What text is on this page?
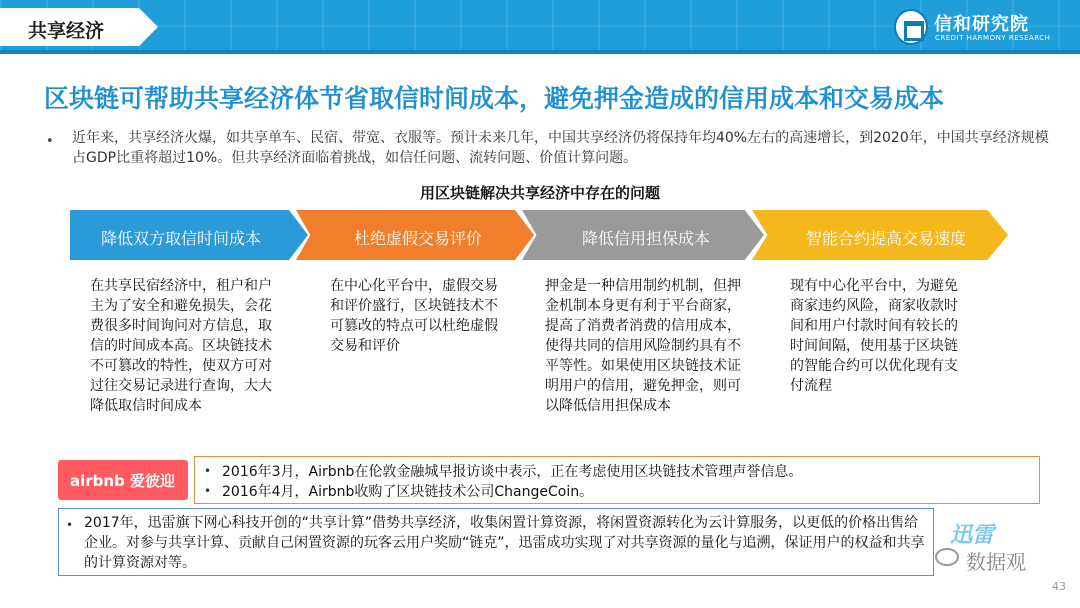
共享经济	信和研究院
CREDIT HARMONY RESEARCH
区块链可帮助共享经济体节省取信时间成本，避免押金造成的信用成本和交易成本
• 近年来，共享经济火爆，如共享单车、民宿、带宽、衣服等。预计未来几年，中国共享经济仍将保持年均40%左右的高速增长，到2020年，中国共享经济规模占GDP比重将超过10%。但共享经济面临着挑战，如信任问题、流转问题、价值计算问题。
用区块链解决共享经济中存在的问题
降低双方取信时间成本	杜绝虚假交易评价	降低信用担保成本	智能合约提高交易速度
在共享民宿经济中，租户和户主为了安全和避免损失，会花费很多时间询问对方信息，取信的时间成本高。区块链技术不可篡改的特性，使双方可对过往交易记录进行查询，大大降低取信时间成本
在中心化平台中，虚假交易和评价盛行，区块链技术不可篡改的特点可以杜绝虚假交易和评价
押金是一种信用制约机制，但押金机制本身更有利于平台商家，提高了消费者消费的信用成本，使得共同的信用风险制约具有不平等性。如果使用区块链技术证明用户的信用，避免押金，则可以降低信用担保成本
现有中心化平台中，为避免商家违约风险，商家收款时间和用户付款时间有较长的时间间隔，使用基于区块链的智能合约可以优化现有支付流程
airbnb 爱彼迎
• 2016年3月，Airbnb在伦敦金融城早报访谈中表示，正在考虑使用区块链技术管理声誉信息。
• 2016年4月，Airbnb收购了区块链技术公司ChangeCoin。
• 2017年，迅雷旗下网心科技开创的“共享计算”借势共享经济，收集闲置计算资源，将闲置资源转化为云计算服务，以更低的价格出售给企业。对参与共享计算、贡献自己闲置资源的玩客云用户奖励“链克”，迅雷成功实现了对共享资源的量化与追溯，保证用户的权益和共享的计算资源对等。
迅雷
数据观
43
